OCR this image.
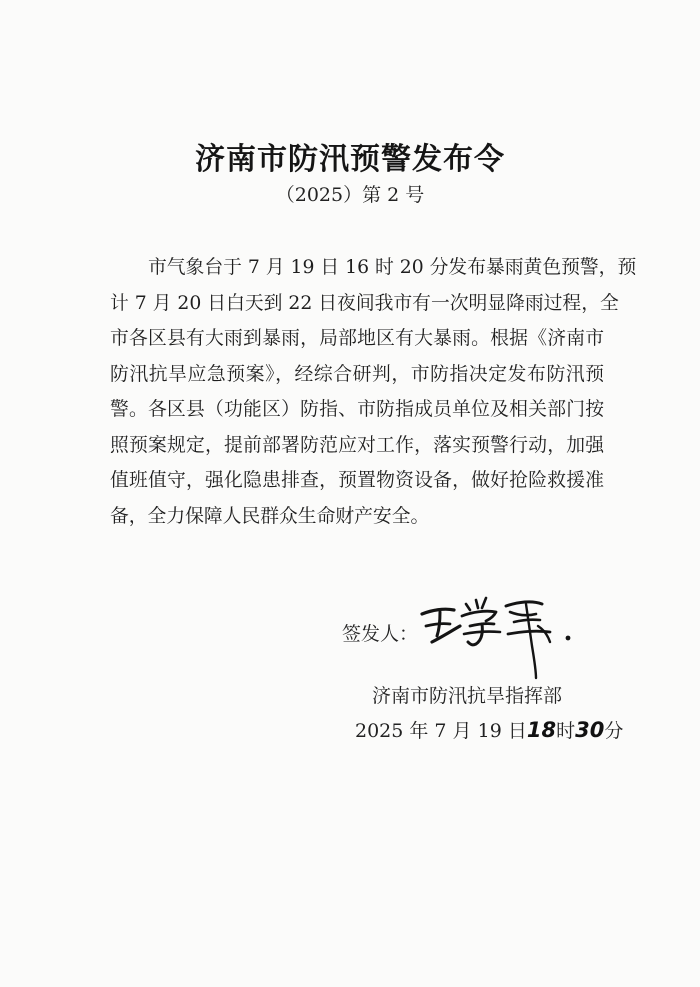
济南市防汛预警发布令
（2025）第 2 号
市气象台于 7 月 19 日 16 时 20 分发布暴雨黄色预警，预
计 7 月 20 日白天到 22 日夜间我市有一次明显降雨过程，全
市各区县有大雨到暴雨，局部地区有大暴雨。根据《济南市
防汛抗旱应急预案》，经综合研判，市防指决定发布防汛预
警。各区县（功能区）防指、市防指成员单位及相关部门按
照预案规定，提前部署防范应对工作，落实预警行动，加强
值班值守，强化隐患排查，预置物资设备，做好抢险救援准
备，全力保障人民群众生命财产安全。
签发人：
济南市防汛抗旱指挥部
2025 年 7 月 19 日18时30分
